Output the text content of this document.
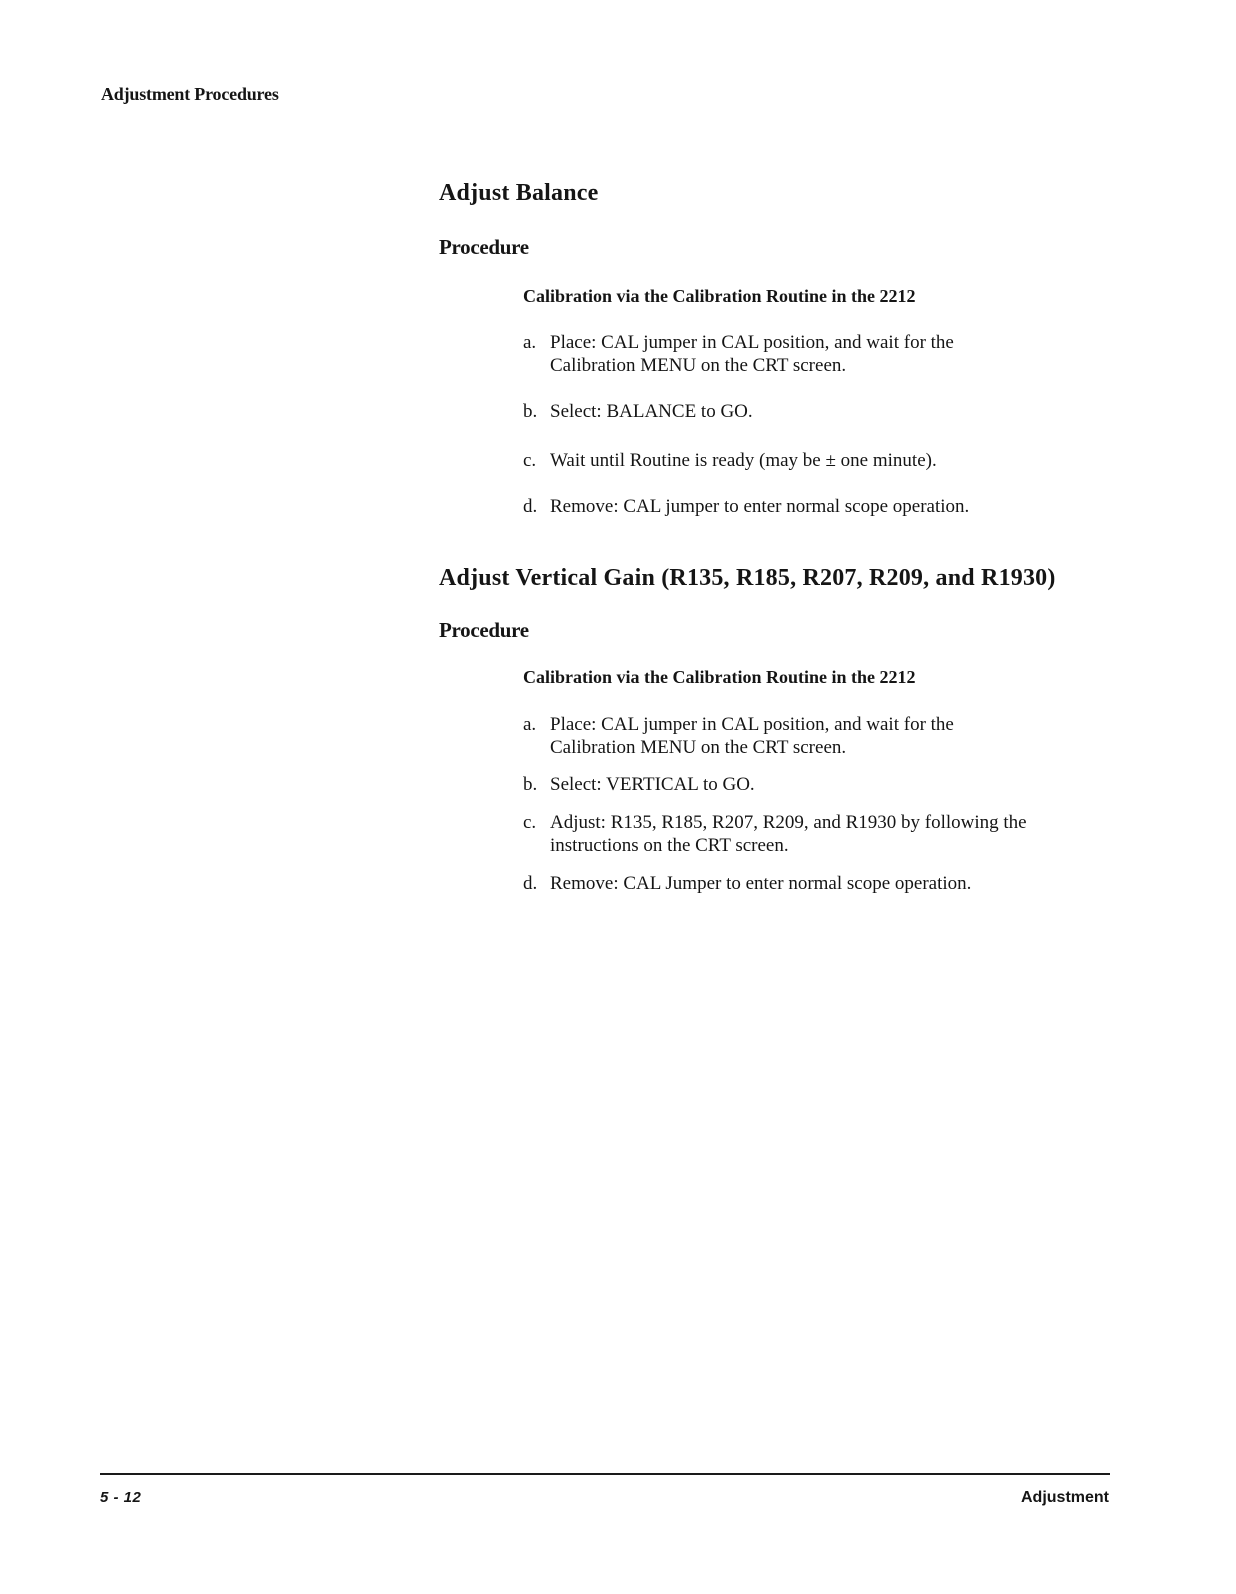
Adjustment Procedures
Adjust Balance
Procedure
Calibration via the Calibration Routine in the 2212
a. Place: CAL jumper in CAL position, and wait for the Calibration MENU on the CRT screen.
b. Select: BALANCE to GO.
c. Wait until Routine is ready (may be ± one minute).
d. Remove: CAL jumper to enter normal scope operation.
Adjust Vertical Gain (R135, R185, R207, R209, and R1930)
Procedure
Calibration via the Calibration Routine in the 2212
a. Place: CAL jumper in CAL position, and wait for the Calibration MENU on the CRT screen.
b. Select: VERTICAL to GO.
c. Adjust: R135, R185, R207, R209, and R1930 by following the instructions on the CRT screen.
d. Remove: CAL Jumper to enter normal scope operation.
5 - 12	Adjustment
